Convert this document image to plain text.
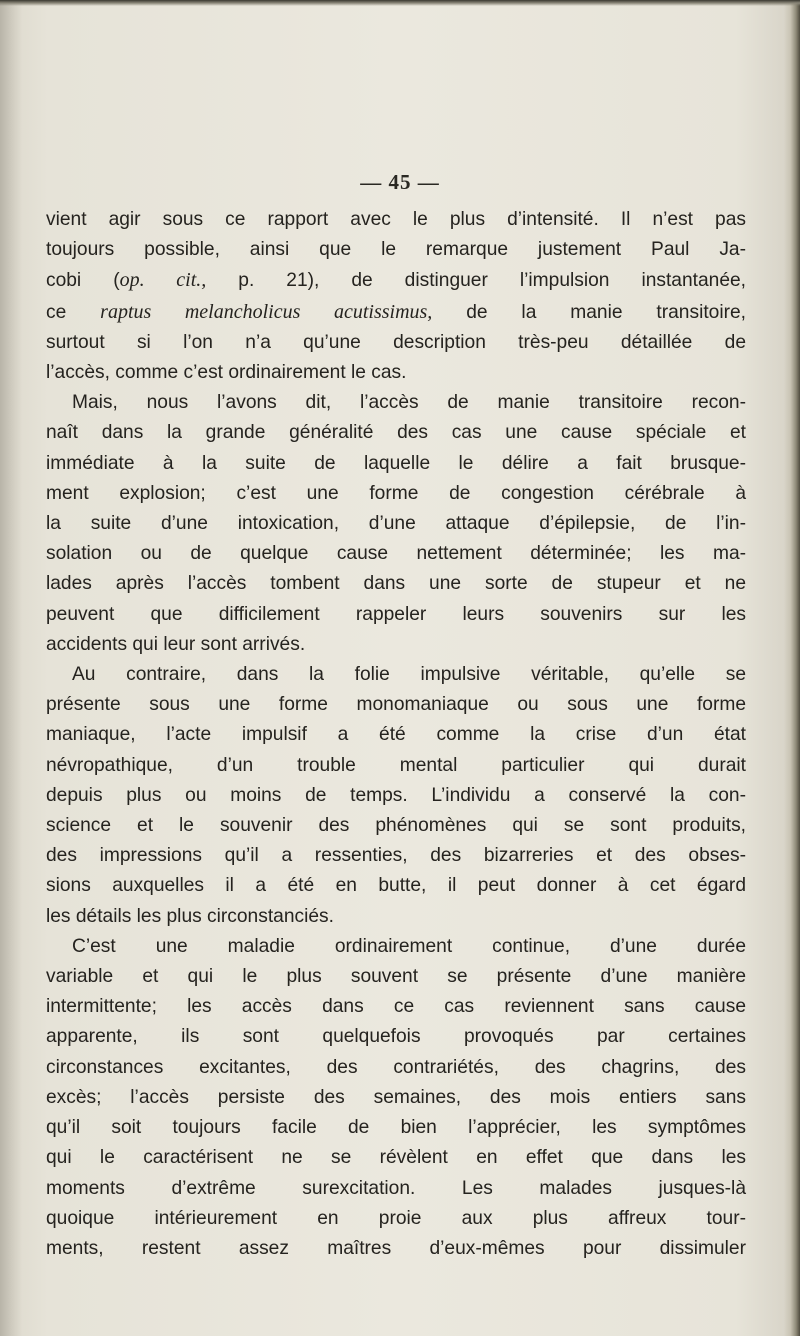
— 45 —
vient agir sous ce rapport avec le plus d’intensité. Il n’est pas
toujours possible, ainsi que le remarque justement Paul Ja-
cobi (op. cit., p. 21), de distinguer l’impulsion instantanée,
ce raptus melancholicus acutissimus, de la manie transitoire,
surtout si l’on n’a qu’une description très-peu détaillée de
l’accès, comme c’est ordinairement le cas.
Mais, nous l’avons dit, l’accès de manie transitoire recon-
naît dans la grande généralité des cas une cause spéciale et
immédiate à la suite de laquelle le délire a fait brusque-
ment explosion; c’est une forme de congestion cérébrale à
la suite d’une intoxication, d’une attaque d’épilepsie, de l’in-
solation ou de quelque cause nettement déterminée; les ma-
lades après l’accès tombent dans une sorte de stupeur et ne
peuvent que difficilement rappeler leurs souvenirs sur les
accidents qui leur sont arrivés.
Au contraire, dans la folie impulsive véritable, qu’elle se
présente sous une forme monomaniaque ou sous une forme
maniaque, l’acte impulsif a été comme la crise d’un état
névropathique, d’un trouble mental particulier qui durait
depuis plus ou moins de temps. L’individu a conservé la con-
science et le souvenir des phénomènes qui se sont produits,
des impressions qu’il a ressenties, des bizarreries et des obses-
sions auxquelles il a été en butte, il peut donner à cet égard
les détails les plus circonstanciés.
C’est une maladie ordinairement continue, d’une durée
variable et qui le plus souvent se présente d’une manière
intermittente; les accès dans ce cas reviennent sans cause
apparente, ils sont quelquefois provoqués par certaines
circonstances excitantes, des contrariétés, des chagrins, des
excès; l’accès persiste des semaines, des mois entiers sans
qu’il soit toujours facile de bien l’apprécier, les symptômes
qui le caractérisent ne se révèlent en effet que dans les
moments d’extrême surexcitation. Les malades jusques-là
quoique intérieurement en proie aux plus affreux tour-
ments, restent assez maîtres d’eux-mêmes pour dissimuler
